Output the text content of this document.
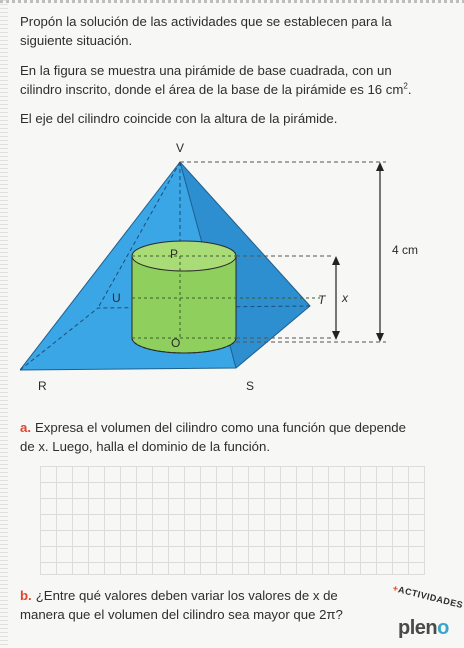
Propón la solución de las actividades que se establecen para la
siguiente situación.

En la figura se muestra una pirámide de base cuadrada, con un
cilindro inscrito, donde el área de la base de la pirámide es 16 $cm^2$.

El eje del cilindro coincide con la altura de la pirámide.

V
P
U	T x
O
R	S
4 cm

a. Expresa el volumen del cilindro como una función que depende
de x. Luego, halla el dominio de la función.

b. ¿Entre qué valores deben variar los valores de x de
manera que el volumen del cilindro sea mayor que 2π?

+ACTIVIDADES
pleno
